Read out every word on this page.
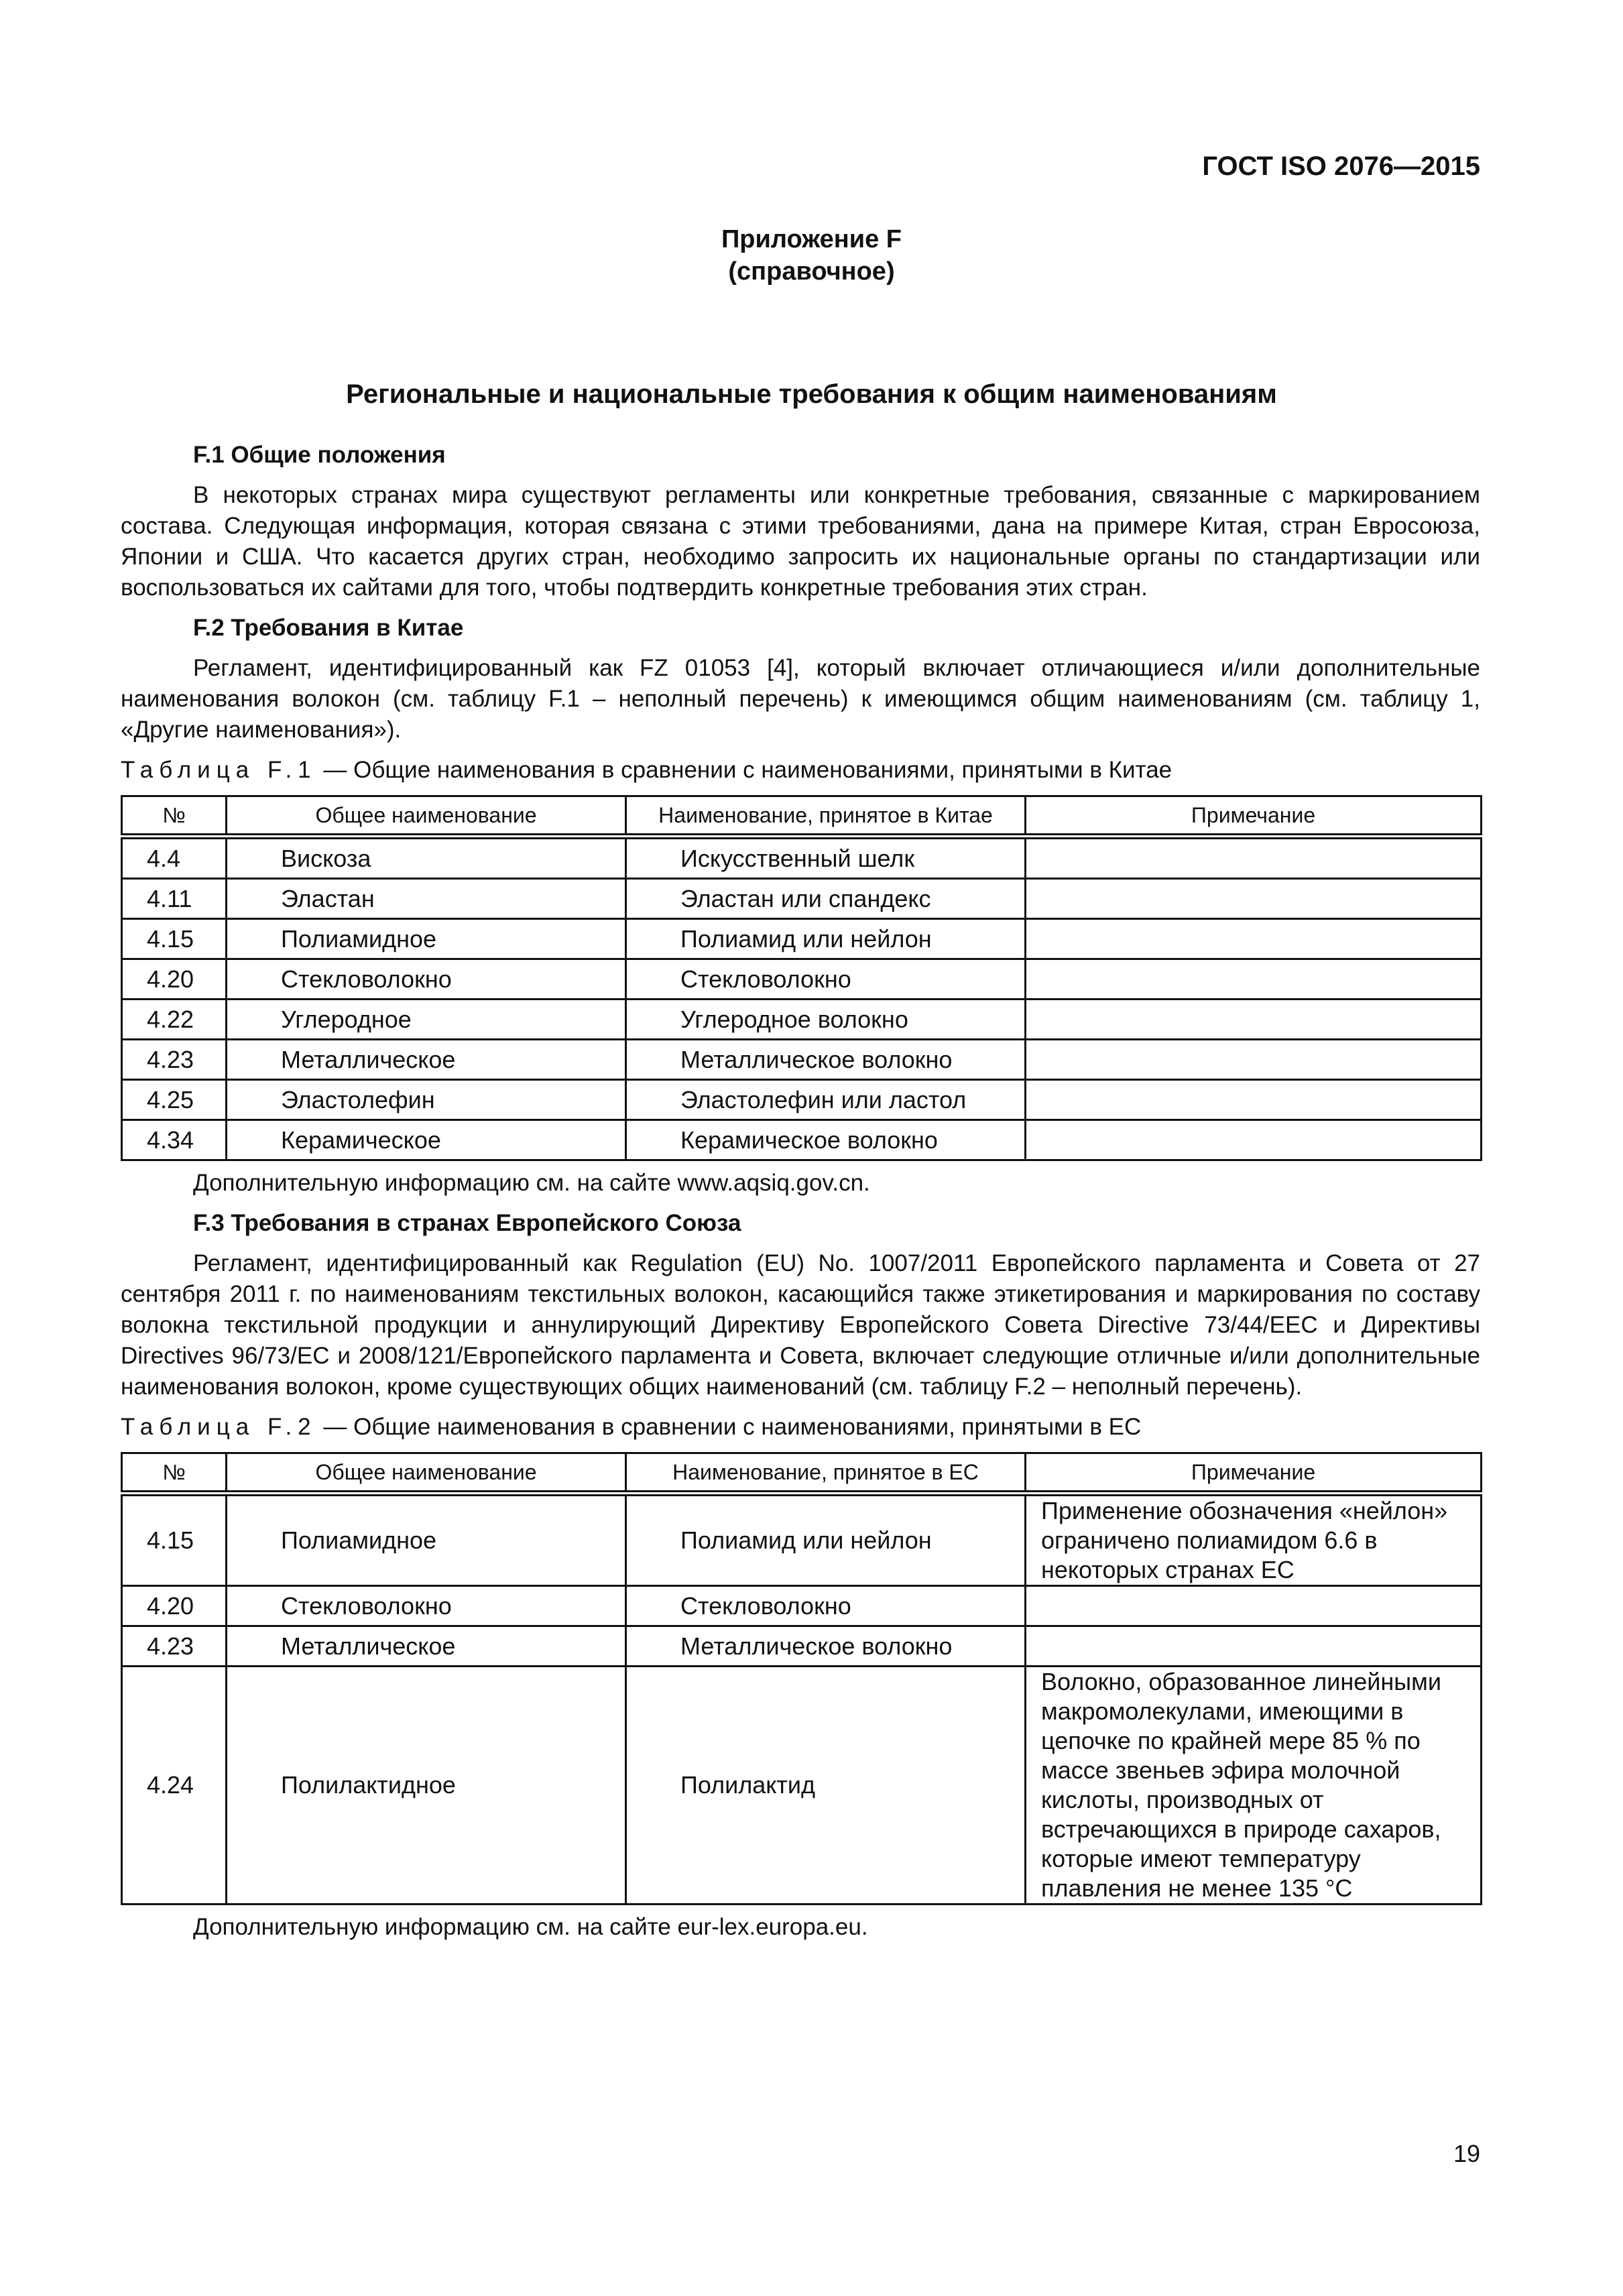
ГОСТ ISO 2076—2015
Приложение F
(справочное)
Региональные и национальные требования к общим наименованиям
F.1 Общие положения
В некоторых странах мира существуют регламенты или конкретные требования, связанные с маркированием состава. Следующая информация, которая связана с этими требованиями, дана на примере Китая, стран Евросоюза, Японии и США. Что касается других стран, необходимо запросить их национальные органы по стандартизации или воспользоваться их сайтами для того, чтобы подтвердить конкретные требования этих стран.
F.2 Требования в Китае
Регламент, идентифицированный как FZ 01053 [4], который включает отличающиеся и/или дополнительные наименования волокон (см. таблицу F.1 – неполный перечень) к имеющимся общим наименованиям (см. таблицу 1, «Другие наименования»).
Таблица F.1 — Общие наименования в сравнении с наименованиями, принятыми в Китае
№	Общее наименование	Наименование, принятое в Китае	Примечание
4.4	Вискоза	Искусственный шелк	
4.11	Эластан	Эластан или спандекс	
4.15	Полиамидное	Полиамид или нейлон	
4.20	Стекловолокно	Стекловолокно	
4.22	Углеродное	Углеродное волокно	
4.23	Металлическое	Металлическое волокно	
4.25	Эластолефин	Эластолефин или ластол	
4.34	Керамическое	Керамическое волокно	
Дополнительную информацию см. на сайте www.aqsiq.gov.cn.
F.3 Требования в странах Европейского Союза
Регламент, идентифицированный как Regulation (EU) No. 1007/2011 Европейского парламента и Совета от 27 сентября 2011 г. по наименованиям текстильных волокон, касающийся также этикетирования и маркирования по составу волокна текстильной продукции и аннулирующий Директиву Европейского Совета Directive 73/44/ЕЕС и Директивы Directives 96/73/ЕС и 2008/121/Европейского парламента и Совета, включает следующие отличные и/или дополнительные наименования волокон, кроме существующих общих наименований (см. таблицу F.2 – неполный перечень).
Таблица F.2 — Общие наименования в сравнении с наименованиями, принятыми в ЕС
№	Общее наименование	Наименование, принятое в ЕС	Примечание
4.15	Полиамидное	Полиамид или нейлон	Применение обозначения «нейлон» ограничено полиамидом 6.6 в некоторых странах ЕС
4.20	Стекловолокно	Стекловолокно	
4.23	Металлическое	Металлическое волокно	
4.24	Полилактидное	Полилактид	Волокно, образованное линейными макромолекулами, имеющими в цепочке по крайней мере 85 % по массе звеньев эфира молочной кислоты, производных от встречающихся в природе сахаров, которые имеют температуру плавления не менее 135 °С
Дополнительную информацию см. на сайте eur-lex.europa.eu.
19
